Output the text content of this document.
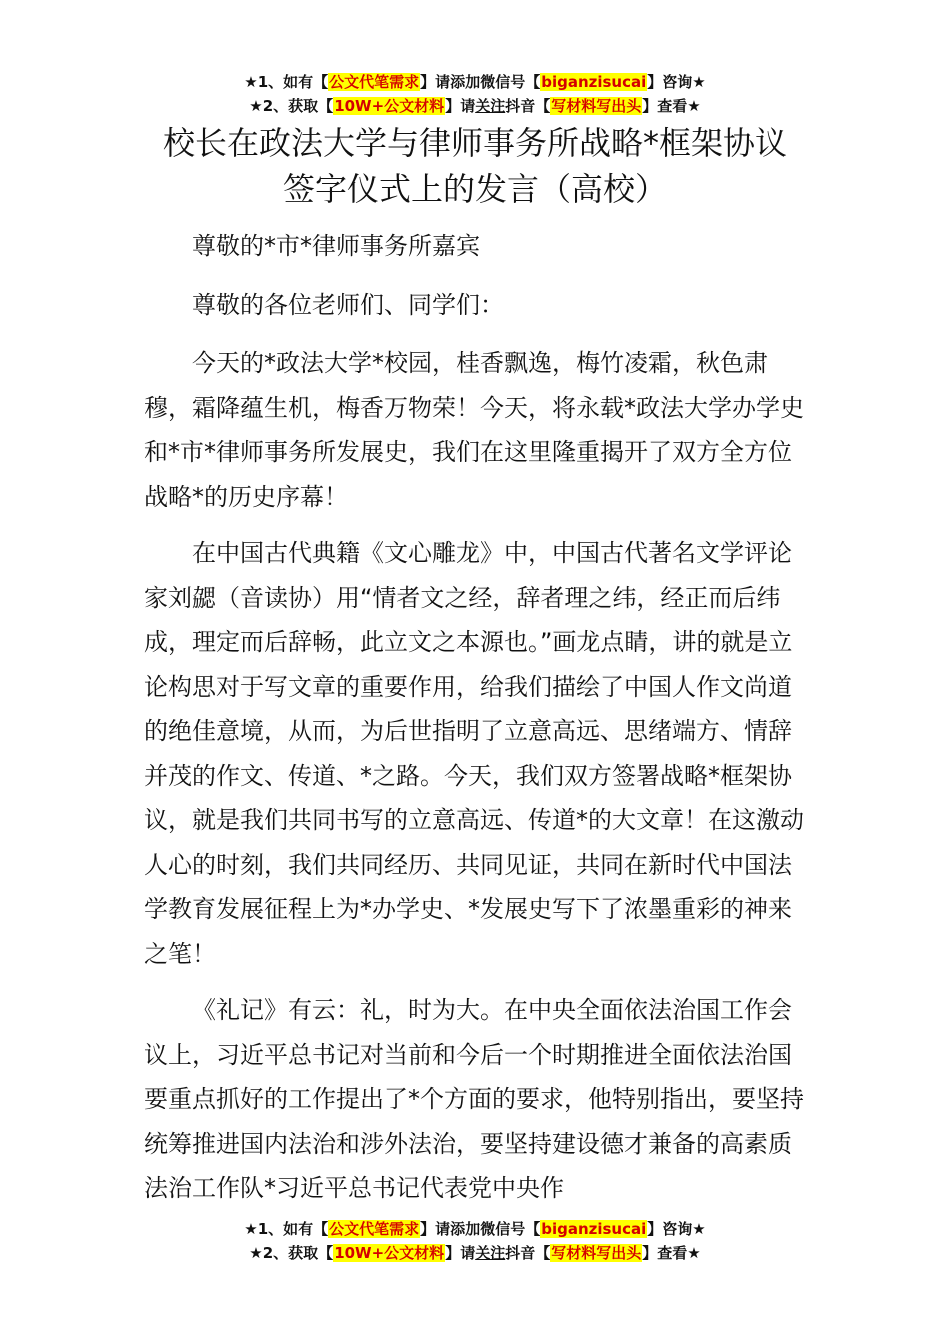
★1、如有【公文代笔需求】请添加微信号【biganzisucai】咨询★
★2、获取【10W+公文材料】请关注抖音【写材料写出头】查看★
校长在政法大学与律师事务所战略*框架协议
签字仪式上的发言（高校）

尊敬的*市*律师事务所嘉宾

尊敬的各位老师们、同学们：

今天的*政法大学*校园，桂香飘逸，梅竹凌霜，秋色肃穆，霜降蕴生机，梅香万物荣！今天，将永载*政法大学办学史和*市*律师事务所发展史，我们在这里隆重揭开了双方全方位战略*的历史序幕！

在中国古代典籍《文心雕龙》中，中国古代著名文学评论家刘勰（音读协）用“情者文之经，辞者理之纬，经正而后纬成，理定而后辞畅，此立文之本源也。”画龙点睛，讲的就是立论构思对于写文章的重要作用，给我们描绘了中国人作文尚道的绝佳意境，从而，为后世指明了立意高远、思绪端方、情辞并茂的作文、传道、*之路。今天，我们双方签署战略*框架协议，就是我们共同书写的立意高远、传道*的大文章！在这激动人心的时刻，我们共同经历、共同见证，共同在新时代中国法学教育发展征程上为*办学史、*发展史写下了浓墨重彩的神来之笔！

《礼记》有云：礼，时为大。在中央全面依法治国工作会议上，习近平总书记对当前和今后一个时期推进全面依法治国要重点抓好的工作提出了*个方面的要求，他特别指出，要坚持统筹推进国内法治和涉外法治，要坚持建设德才兼备的高素质法治工作队*习近平总书记代表党中央作

★1、如有【公文代笔需求】请添加微信号【biganzisucai】咨询★
★2、获取【10W+公文材料】请关注抖音【写材料写出头】查看★
